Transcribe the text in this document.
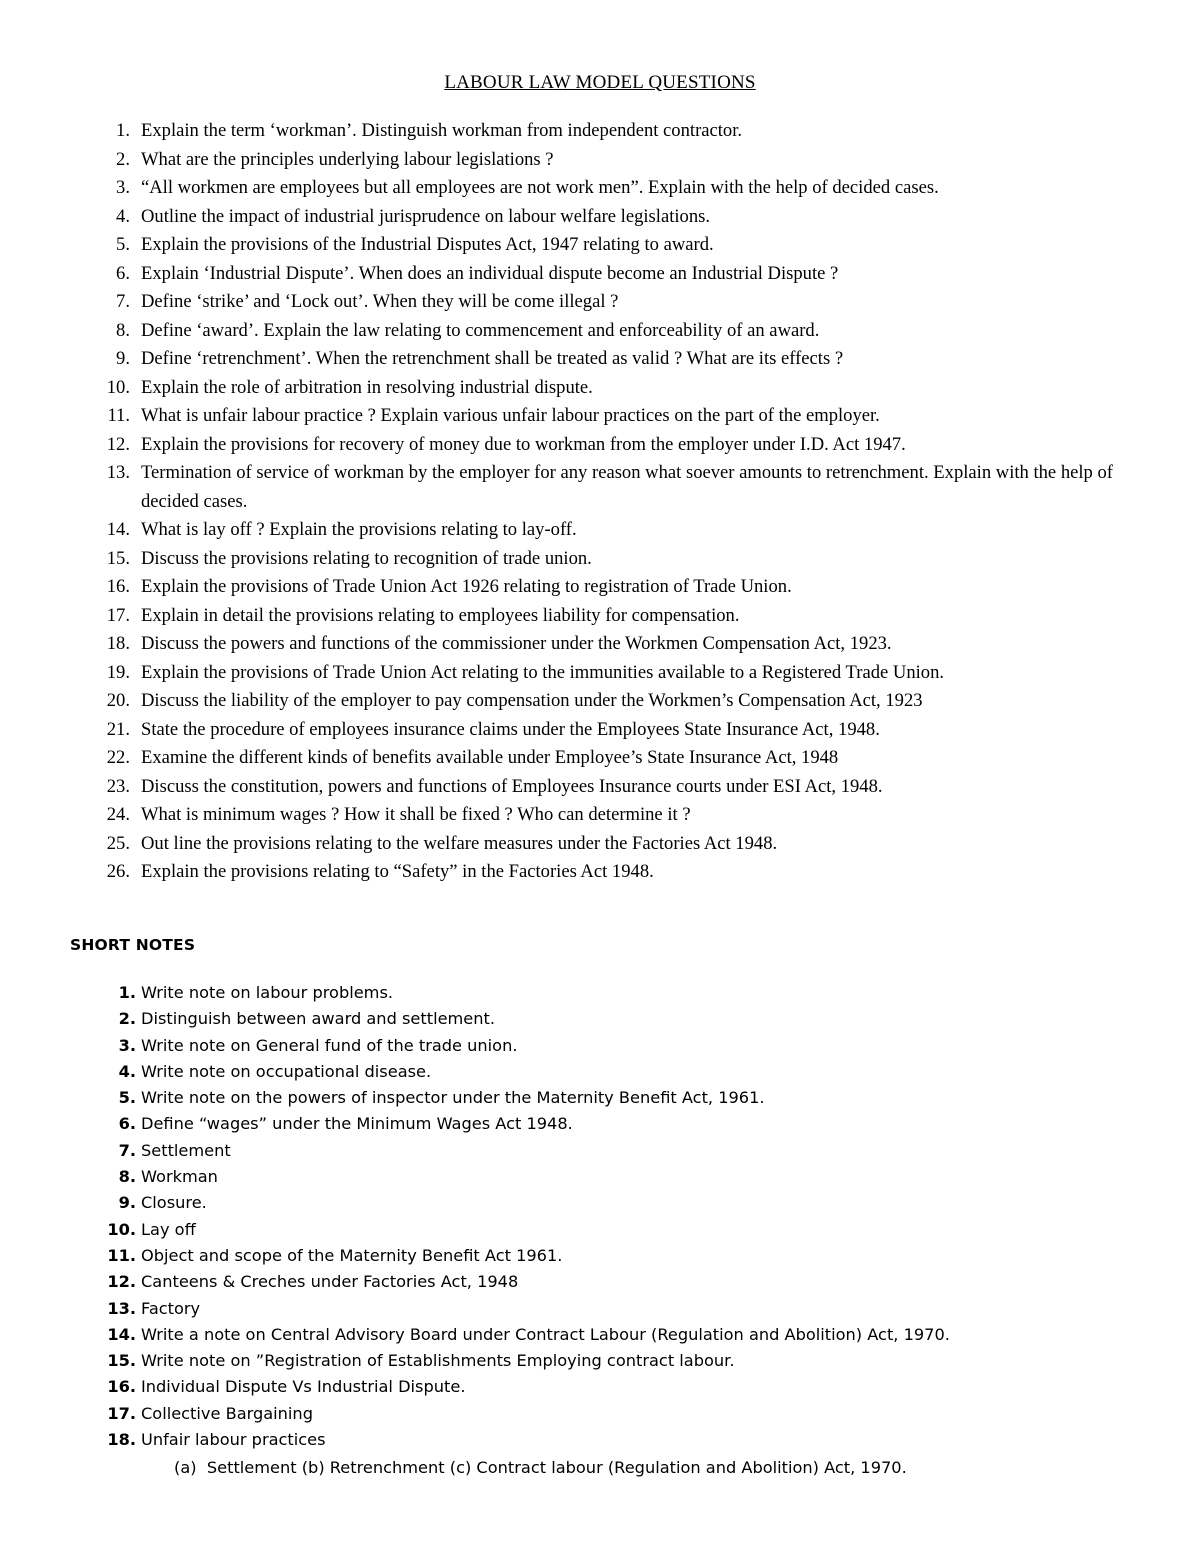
LABOUR LAW MODEL QUESTIONS
1. Explain the term ‘workman’. Distinguish workman from independent contractor.
2. What are the principles underlying labour legislations ?
3. “All workmen are employees but all employees are not work men”. Explain with the help of decided cases.
4. Outline the impact of industrial jurisprudence on labour welfare legislations.
5. Explain the provisions of the Industrial Disputes Act, 1947 relating to award.
6. Explain ‘Industrial Dispute’. When does an individual dispute become an Industrial Dispute ?
7. Define ‘strike’ and ‘Lock out’. When they will be come illegal ?
8. Define ‘award’. Explain the law relating to commencement and enforceability of an award.
9. Define ‘retrenchment’. When the retrenchment shall be treated as valid ? What are its effects ?
10. Explain the role of arbitration in resolving industrial dispute.
11. What is unfair labour practice ? Explain various unfair labour practices on the part of the employer.
12. Explain the provisions for recovery of money due to workman from the employer under I.D. Act 1947.
13. Termination of service of workman by the employer for any reason what soever amounts to retrenchment. Explain with the help of decided cases.
14. What is lay off ? Explain the provisions relating to lay-off.
15. Discuss the provisions relating to recognition of trade union.
16. Explain the provisions of Trade Union Act 1926 relating to registration of Trade Union.
17. Explain in detail the provisions relating to employees liability for compensation.
18. Discuss the powers and functions of the commissioner under the Workmen Compensation Act, 1923.
19. Explain the provisions of Trade Union Act relating to the immunities available to a Registered Trade Union.
20. Discuss the liability of the employer to pay compensation under the Workmen’s Compensation Act, 1923
21. State the procedure of employees insurance claims under the Employees State Insurance Act, 1948.
22. Examine the different kinds of benefits available under Employee’s State Insurance Act, 1948
23. Discuss the constitution, powers and functions of Employees Insurance courts under ESI Act, 1948.
24. What is minimum wages ? How it shall be fixed ? Who can determine it ?
25. Out line the provisions relating to the welfare measures under the Factories Act 1948.
26. Explain the provisions relating to “Safety” in the Factories Act 1948.
SHORT NOTES
1. Write note on labour problems.
2. Distinguish between award and settlement.
3. Write note on General fund of the trade union.
4. Write note on occupational disease.
5. Write note on the powers of inspector under the Maternity Benefit Act, 1961.
6. Define “wages” under the Minimum Wages Act 1948.
7. Settlement
8. Workman
9. Closure.
10. Lay off
11. Object and scope of the Maternity Benefit Act 1961.
12. Canteens & Creches under Factories Act, 1948
13. Factory
14. Write a note on Central Advisory Board under Contract Labour (Regulation and Abolition) Act, 1970.
15. Write note on ”Registration of Establishments Employing contract labour.
16. Individual Dispute Vs Industrial Dispute.
17. Collective Bargaining
18. Unfair labour practices
(a) Settlement (b) Retrenchment (c) Contract labour (Regulation and Abolition) Act, 1970.
